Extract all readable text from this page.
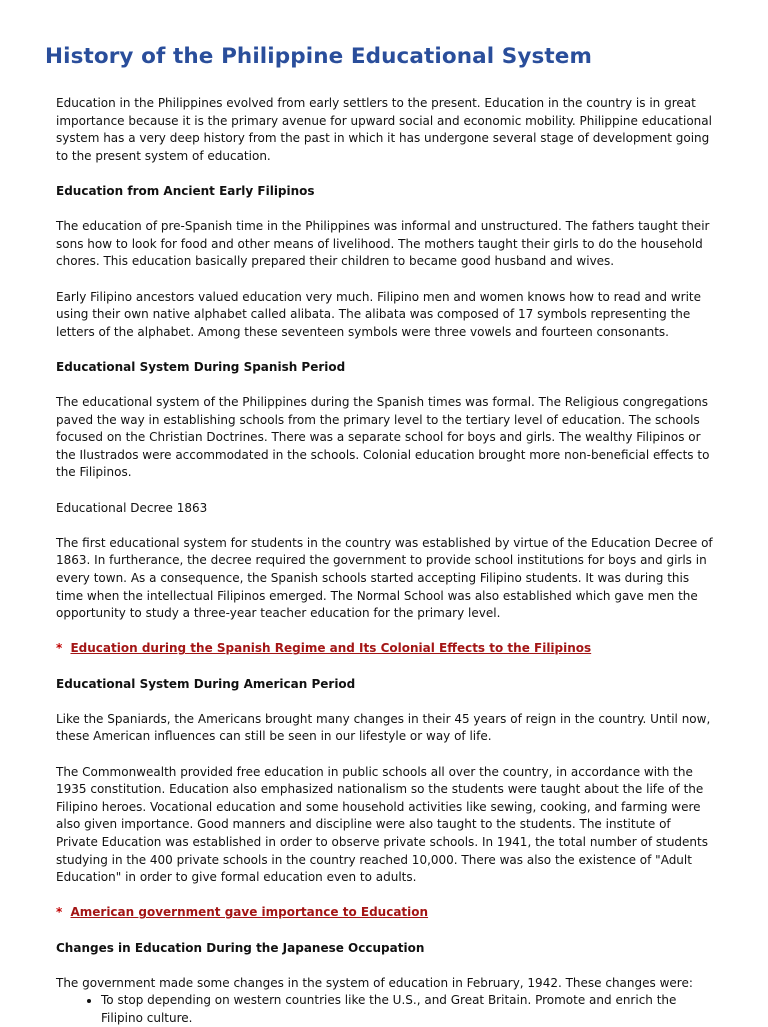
History of the Philippine Educational System

Education in the Philippines evolved from early settlers to the present. Education in the country is in great importance because it is the primary avenue for upward social and economic mobility. Philippine educational system has a very deep history from the past in which it has undergone several stage of development going to the present system of education.

Education from Ancient Early Filipinos

The education of pre-Spanish time in the Philippines was informal and unstructured. The fathers taught their sons how to look for food and other means of livelihood. The mothers taught their girls to do the household chores. This education basically prepared their children to became good husband and wives.

Early Filipino ancestors valued education very much. Filipino men and women knows how to read and write using their own native alphabet called alibata. The alibata was composed of 17 symbols representing the letters of the alphabet. Among these seventeen symbols were three vowels and fourteen consonants.

Educational System During Spanish Period

The educational system of the Philippines during the Spanish times was formal. The Religious congregations paved the way in establishing schools from the primary level to the tertiary level of education. The schools focused on the Christian Doctrines. There was a separate school for boys and girls. The wealthy Filipinos or the Ilustrados were accommodated in the schools. Colonial education brought more non-beneficial effects to the Filipinos.

Educational Decree 1863

The first educational system for students in the country was established by virtue of the Education Decree of 1863. In furtherance, the decree required the government to provide school institutions for boys and girls in every town. As a consequence, the Spanish schools started accepting Filipino students. It was during this time when the intellectual Filipinos emerged. The Normal School was also established which gave men the opportunity to study a three-year teacher education for the primary level.

* Education during the Spanish Regime and Its Colonial Effects to the Filipinos
Educational System During American Period

Like the Spaniards, the Americans brought many changes in their 45 years of reign in the country. Until now, these American influences can still be seen in our lifestyle or way of life.

The Commonwealth provided free education in public schools all over the country, in accordance with the 1935 constitution. Education also emphasized nationalism so the students were taught about the life of the Filipino heroes. Vocational education and some household activities like sewing, cooking, and farming were also given importance. Good manners and discipline were also taught to the students. The institute of Private Education was established in order to observe private schools. In 1941, the total number of students studying in the 400 private schools in the country reached 10,000. There was also the existence of "Adult Education" in order to give formal education even to adults.

* American government gave importance to Education
Changes in Education During the Japanese Occupation
The government made some changes in the system of education in February, 1942. These changes were:
• To stop depending on western countries like the U.S., and Great Britain. Promote and enrich the Filipino culture.
